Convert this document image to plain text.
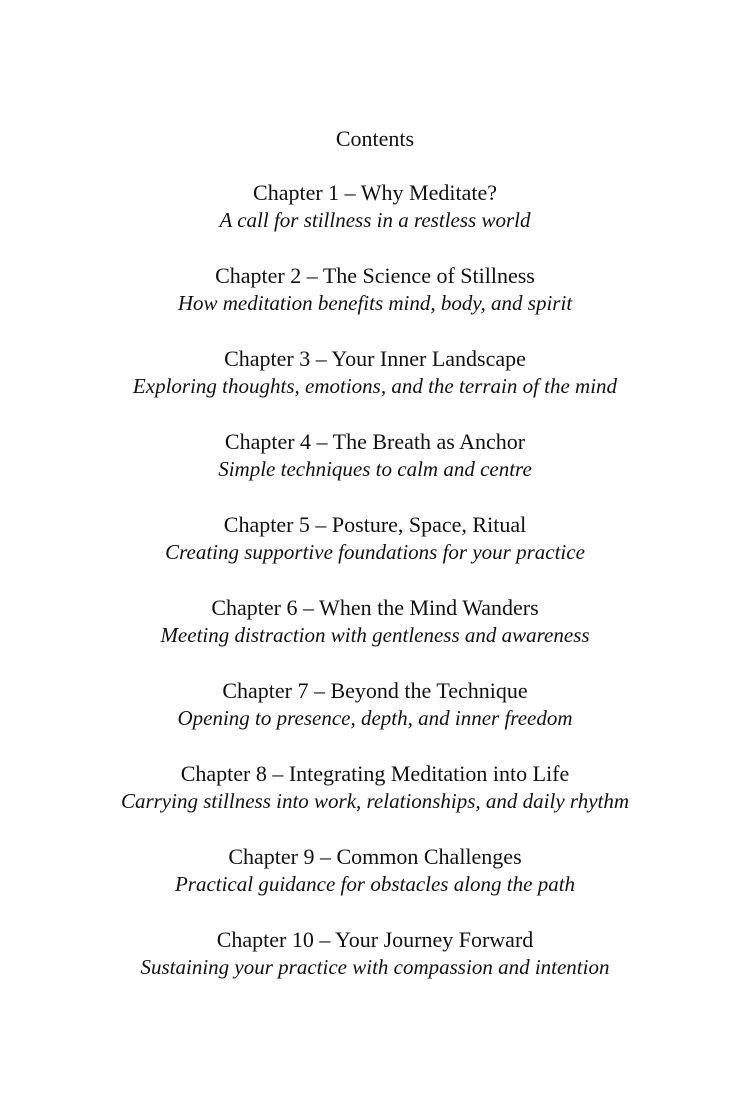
Contents
Chapter 1 – Why Meditate?
A call for stillness in a restless world
Chapter 2 – The Science of Stillness
How meditation benefits mind, body, and spirit
Chapter 3 – Your Inner Landscape
Exploring thoughts, emotions, and the terrain of the mind
Chapter 4 – The Breath as Anchor
Simple techniques to calm and centre
Chapter 5 – Posture, Space, Ritual
Creating supportive foundations for your practice
Chapter 6 – When the Mind Wanders
Meeting distraction with gentleness and awareness
Chapter 7 – Beyond the Technique
Opening to presence, depth, and inner freedom
Chapter 8 – Integrating Meditation into Life
Carrying stillness into work, relationships, and daily rhythm
Chapter 9 – Common Challenges
Practical guidance for obstacles along the path
Chapter 10 – Your Journey Forward
Sustaining your practice with compassion and intention
